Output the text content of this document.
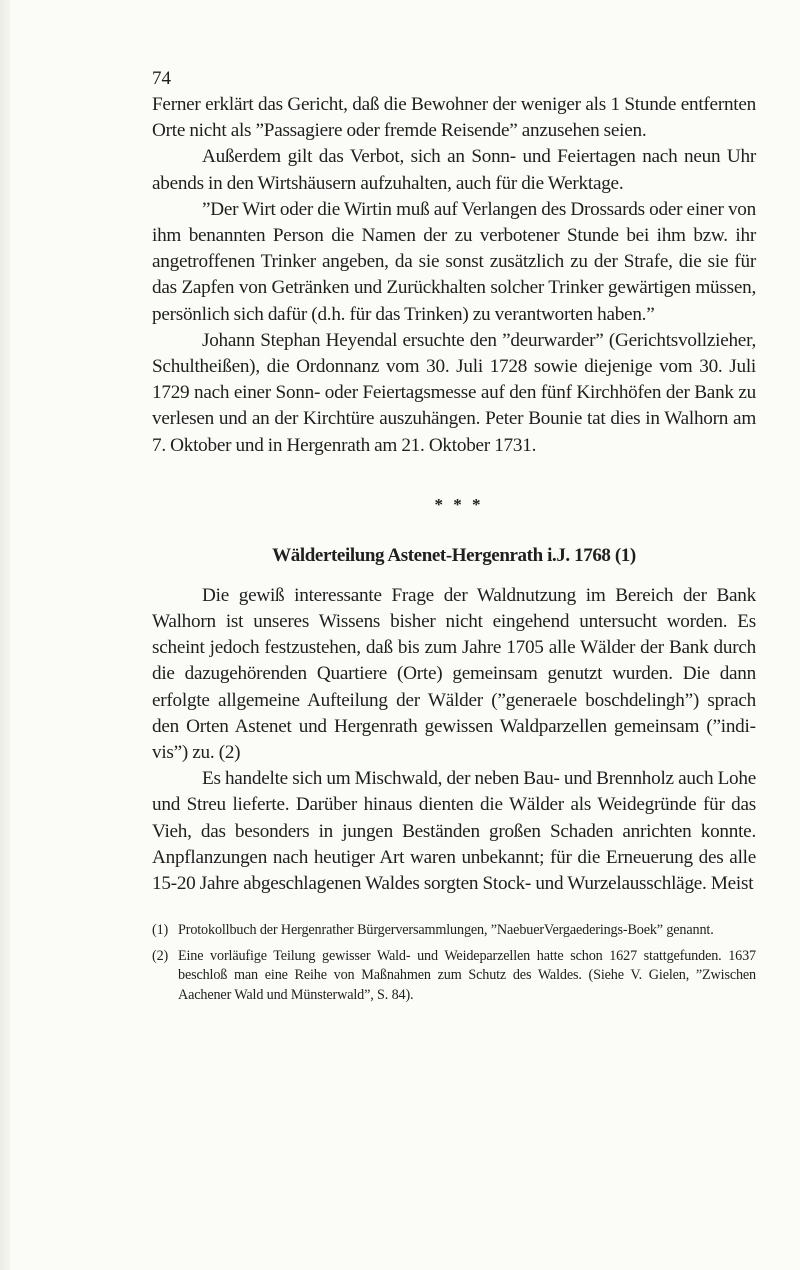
74

Ferner erklärt das Gericht, daß die Bewohner der weniger als 1 Stunde entfernten Orte nicht als ”Passagiere oder fremde Reisende” anzusehen seien.

Außerdem gilt das Verbot, sich an Sonn- und Feiertagen nach neun Uhr abends in den Wirtshäusern aufzuhalten, auch für die Werktage.

”Der Wirt oder die Wirtin muß auf Verlangen des Drossards oder einer von ihm benannten Person die Namen der zu verbotener Stunde bei ihm bzw. ihr angetroffenen Trinker angeben, da sie sonst zusätzlich zu der Strafe, die sie für das Zapfen von Getränken und Zurückhalten solcher Trinker gewärtigen müssen, persönlich sich dafür (d.h. für das Trinken) zu verantworten haben.”

Johann Stephan Heyendal ersuchte den ”deurwarder” (Gerichtsvollzieher, Schultheißen), die Ordonnanz vom 30. Juli 1728 sowie diejenige vom 30. Juli 1729 nach einer Sonn- oder Feiertagsmesse auf den fünf Kirchhöfen der Bank zu verlesen und an der Kirchtüre auszuhängen. Peter Bounie tat dies in Walhorn am 7. Oktober und in Hergenrath am 21. Oktober 1731.

* * *
Wälderteilung Astenet-Hergenrath i.J. 1768 (1)

Die gewiß interessante Frage der Waldnutzung im Bereich der Bank Walhorn ist unseres Wissens bisher nicht eingehend untersucht worden. Es scheint jedoch festzustehen, daß bis zum Jahre 1705 alle Wälder der Bank durch die dazugehörenden Quartiere (Orte) gemeinsam genutzt wurden. Die dann erfolgte allgemeine Aufteilung der Wälder (”generaele boschdelingh”) sprach den Orten Astenet und Hergenrath gewissen Waldparzellen gemeinsam (”indivis”) zu. (2)

Es handelte sich um Mischwald, der neben Bau- und Brennholz auch Lohe und Streu lieferte. Darüber hinaus dienten die Wälder als Weidegründe für das Vieh, das besonders in jungen Beständen großen Schaden anrichten konnte. Anpflanzungen nach heutiger Art waren unbekannt; für die Erneuerung des alle 15-20 Jahre abgeschlagenen Waldes sorgten Stock- und Wurzelausschläge. Meist

(1) Protokollbuch der Hergenrather Bürgerversammlungen, ”NaebuerVergaederings-Boek” genannt.
(2) Eine vorläufige Teilung gewisser Wald- und Weideparzellen hatte schon 1627 stattgefunden. 1637 beschloß man eine Reihe von Maßnahmen zum Schutz des Waldes. (Siehe V. Gielen, ”Zwischen Aachener Wald und Münsterwald”, S. 84).
